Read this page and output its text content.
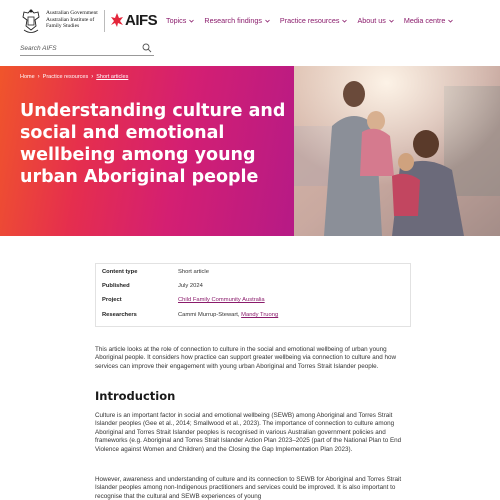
Australian Government
Australian Institute of
Family Studies	AIFS Topics	Research findings	Practice resources	About us	Media centre
Search AIFS
Home › Practice resources › Short articles
Understanding culture and social and emotional wellbeing among young urban Aboriginal people
Content type	Short article
Published	July 2024
Project	Child Family Community Australia
Researchers	Cammi Murrup-Stewart, Mandy Truong

This article looks at the role of connection to culture in the social and emotional wellbeing of urban young Aboriginal people. It considers how practice can support greater wellbeing via connection to culture and how services can improve their engagement with young urban Aboriginal and Torres Strait Islander people.

Introduction

Culture is an important factor in social and emotional wellbeing (SEWB) among Aboriginal and Torres Strait Islander peoples (Gee et al., 2014; Smallwood et al., 2023). The importance of connection to culture among Aboriginal and Torres Strait Islander peoples is recognised in various Australian government policies and frameworks (e.g. Aboriginal and Torres Strait Islander Action Plan 2023–2025 (part of the National Plan to End Violence against Women and Children) and the Closing the Gap Implementation Plan 2023).

However, awareness and understanding of culture and its connection to SEWB for Aboriginal and Torres Strait Islander peoples among non-Indigenous practitioners and services could be improved. It is also important to recognise that the cultural and SEWB experiences of young
